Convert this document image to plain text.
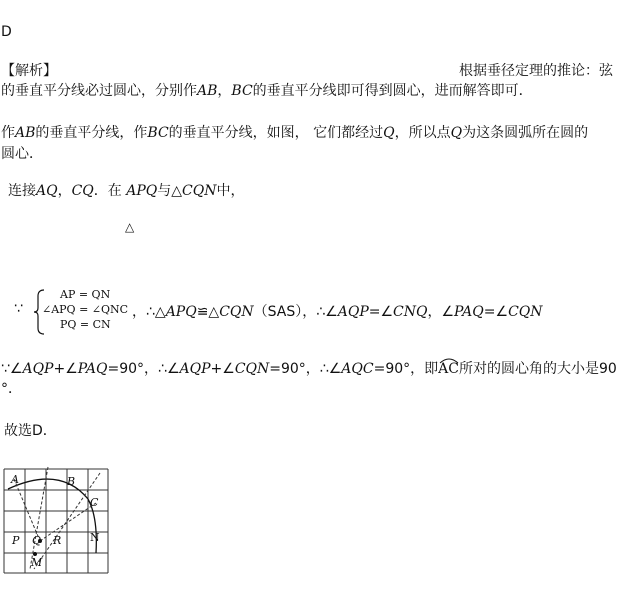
D
【解析】	根据垂径定理的推论：弦
的垂直平分线必过圆心，分别作AB，BC的垂直平分线即可得到圆心，进而解答即可．
作AB的垂直平分线，作BC的垂直平分线，如图， 它们都经过Q，所以点Q为这条圆弧所在圆的
圆心．
连接AQ，CQ．在 APQ与△CQN中，
△
∵
AP = QN
∠APQ = ∠QNC
PQ = CN
，∴△APQ≌△CQN（SAS），∴∠AQP=∠CNQ，∠PAQ=∠CQN
∵∠AQP+∠PAQ=90°，∴∠AQP+∠CQN=90°，∴∠AQC=90°，即
AC所对的圆心角的大小是90
°．
故选D．
A	B
C
P Q R
M
N
